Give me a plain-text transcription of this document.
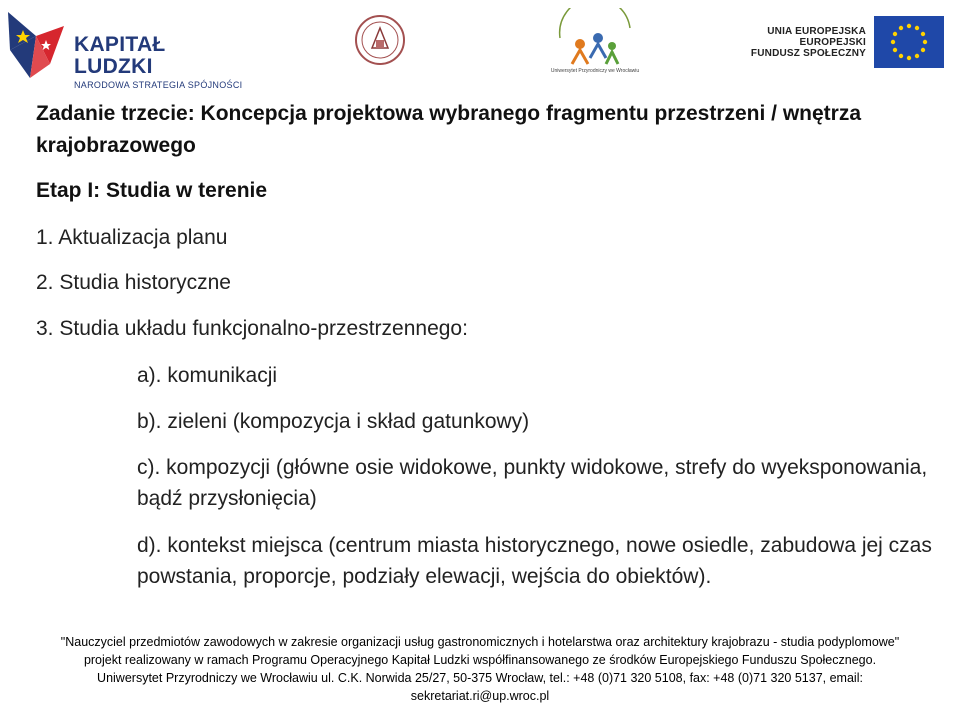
KAPITAŁ LUDZKI
NARODOWA STRATEGIA SPÓJNOŚCI
Uniwersytet Przyrodniczy we Wrocławiu
UNIA EUROPEJSKA
EUROPEJSKI
FUNDUSZ SPOŁECZNY
Zadanie trzecie: Koncepcja projektowa wybranego fragmentu przestrzeni / wnętrza krajobrazowego

Etap I: Studia w terenie

1. Aktualizacja planu

2. Studia historyczne

3. Studia układu funkcjonalno-przestrzennego:

a). komunikacji

b). zieleni (kompozycja i skład gatunkowy)

c). kompozycji (główne osie widokowe, punkty widokowe, strefy do wyeksponowania, bądź przysłonięcia)

d). kontekst miejsca (centrum miasta historycznego, nowe osiedle, zabudowa jej czas powstania, proporcje, podziały elewacji, wejścia do obiektów).

"Nauczyciel przedmiotów zawodowych w zakresie organizacji usług gastronomicznych i hotelarstwa oraz architektury krajobrazu - studia podyplomowe"
projekt realizowany w ramach Programu Operacyjnego Kapitał Ludzki współfinansowanego ze środków Europejskiego Funduszu Społecznego.
Uniwersytet Przyrodniczy we Wrocławiu ul. C.K. Norwida 25/27, 50-375 Wrocław, tel.: +48 (0)71 320 5108, fax: +48 (0)71 320 5137, email:
sekretariat.ri@up.wroc.pl
